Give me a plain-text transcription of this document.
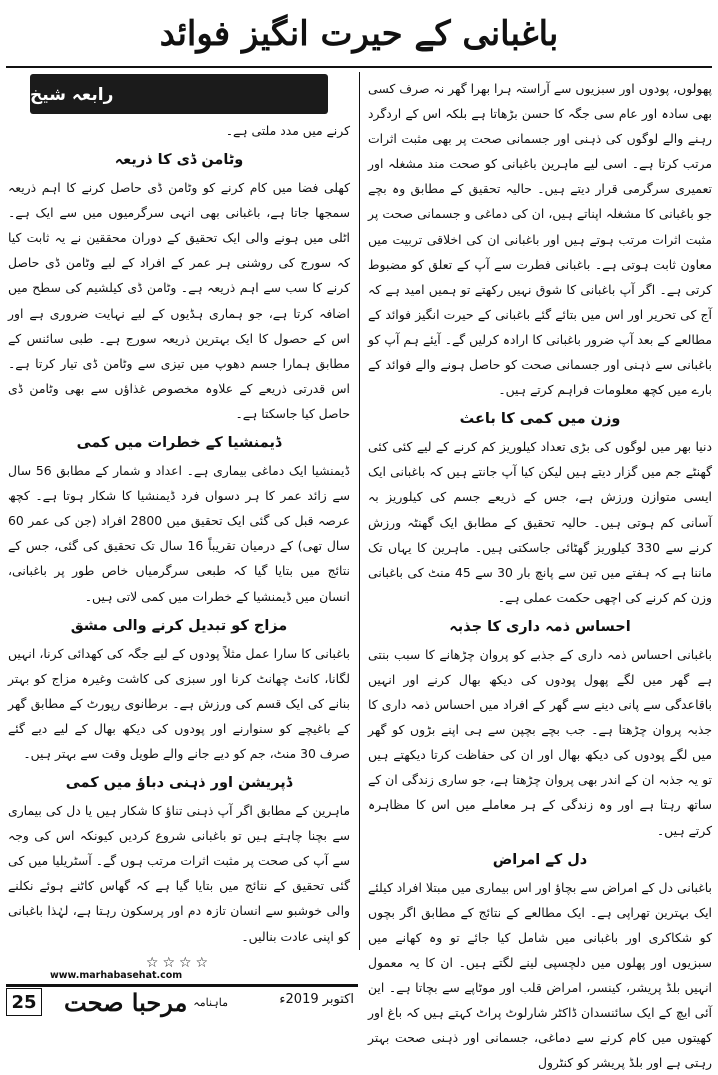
باغبانی کے حیرت انگیز فوائد

پھولوں، پودوں اور سبزیوں سے آراستہ ہرا بھرا گھر نہ صرف کسی بھی سادہ اور عام سی جگہ کا حسن بڑھاتا ہے بلکہ اس کے اردگرد رہنے والے لوگوں کی ذہنی اور جسمانی صحت پر بھی مثبت اثرات مرتب کرتا ہے۔ اسی لیے ماہرین باغبانی کو صحت مند مشغلہ اور تعمیری سرگرمی قرار دیتے ہیں۔ حالیہ تحقیق کے مطابق وہ بچے جو باغبانی کا مشغلہ اپناتے ہیں، ان کی دماغی و جسمانی صحت پر مثبت اثرات مرتب ہوتے ہیں اور باغبانی ان کی اخلاقی تربیت میں معاون ثابت ہوتی ہے۔ باغبانی فطرت سے آپ کے تعلق کو مضبوط کرتی ہے۔ اگر آپ باغبانی کا شوق نہیں رکھتے تو ہمیں امید ہے کہ آج کی تحریر اور اس میں بتائے گئے باغبانی کے حیرت انگیز فوائد کے مطالعے کے بعد آپ ضرور باغبانی کا ارادہ کرلیں گے۔ آیئے ہم آپ کو باغبانی سے ذہنی اور جسمانی صحت کو حاصل ہونے والے فوائد کے بارے میں کچھ معلومات فراہم کرتے ہیں۔

وزن میں کمی کا باعث

دنیا بھر میں لوگوں کی بڑی تعداد کیلوریز کم کرنے کے لیے کئی کئی گھنٹے جم میں گزار دیتے ہیں لیکن کیا آپ جانتے ہیں کہ باغبانی ایک ایسی متوازن ورزش ہے، جس کے ذریعے جسم کی کیلوریز بہ آسانی کم ہوتی ہیں۔ حالیہ تحقیق کے مطابق ایک گھنٹہ ورزش کرنے سے 330 کیلوریز گھٹائی جاسکتی ہیں۔ ماہرین کا یہاں تک ماننا ہے کہ ہفتے میں تین سے پانچ بار 30 سے 45 منٹ کی باغبانی وزن کم کرنے کی اچھی حکمت عملی ہے۔

احساس ذمہ داری کا جذبہ

باغبانی احساس ذمہ داری کے جذبے کو پروان چڑھانے کا سبب بنتی ہے گھر میں لگے پھول پودوں کی دیکھ بھال کرنے اور انہیں باقاعدگی سے پانی دینے سے گھر کے افراد میں احساس ذمہ داری کا جذبہ پروان چڑھتا ہے۔ جب بچے بچپن سے ہی اپنے بڑوں کو گھر میں لگے پودوں کی دیکھ بھال اور ان کی حفاظت کرتا دیکھتے ہیں تو یہ جذبہ ان کے اندر بھی پروان چڑھتا ہے، جو ساری زندگی ان کے ساتھ رہتا ہے اور وہ زندگی کے ہر معاملے میں اس کا مظاہرہ کرتے ہیں۔

دل کے امراض

باغبانی دل کے امراض سے بچاؤ اور اس بیماری میں مبتلا افراد کیلئے ایک بہترین تھراپی ہے۔ ایک مطالعے کے نتائج کے مطابق اگر بچوں کو شکاکری اور باغبانی میں شامل کیا جائے تو وہ کھانے میں سبزیوں اور پھلوں میں دلچسپی لینے لگتے ہیں۔ ان کا یہ معمول انہیں بلڈ پریشر، کینسر، امراض قلب اور موٹاپے سے بچاتا ہے۔ این آئی ایچ کے ایک سائنسدان ڈاکٹر شارلوٹ پراٹ کہتے ہیں کہ باغ اور کھیتوں میں کام کرنے سے دماغی، جسمانی اور ذہنی صحت بہتر رہتی ہے اور بلڈ پریشر کو کنٹرول

رابعہ شیخ

کرنے میں مدد ملتی ہے۔

وٹامن ڈی کا ذریعہ

کھلی فضا میں کام کرنے کو وٹامن ڈی حاصل کرنے کا اہم ذریعہ سمجھا جاتا ہے، باغبانی بھی انہی سرگرمیوں میں سے ایک ہے۔ اٹلی میں ہونے والی ایک تحقیق کے دوران محققین نے یہ ثابت کیا کہ سورج کی روشنی ہر عمر کے افراد کے لیے وٹامن ڈی حاصل کرنے کا سب سے اہم ذریعہ ہے۔ وٹامن ڈی کیلشیم کی سطح میں اضافہ کرتا ہے، جو ہماری ہڈیوں کے لیے نہایت ضروری ہے اور اس کے حصول کا ایک بہترین ذریعہ سورج ہے۔ طبی سائنس کے مطابق ہمارا جسم دھوپ میں تیزی سے وٹامن ڈی تیار کرتا ہے۔ اس قدرتی ذریعے کے علاوہ مخصوص غذاؤں سے بھی وٹامن ڈی حاصل کیا جاسکتا ہے۔

ڈیمنشیا کے خطرات میں کمی

ڈیمنشیا ایک دماغی بیماری ہے۔ اعداد و شمار کے مطابق 56 سال سے زائد عمر کا ہر دسواں فرد ڈیمنشیا کا شکار ہوتا ہے۔ کچھ عرصہ قبل کی گئی ایک تحقیق میں 2800 افراد (جن کی عمر 60 سال تھی) کے درمیان تقریباً 16 سال تک تحقیق کی گئی، جس کے نتائج میں بتایا گیا کہ طبعی سرگرمیاں خاص طور پر باغبانی، انسان میں ڈیمنشیا کے خطرات میں کمی لاتی ہیں۔

مزاج کو تبدیل کرنے والی مشق

باغبانی کا سارا عمل مثلاً پودوں کے لیے جگہ کی کھدائی کرنا، انہیں لگانا، کانٹ چھانٹ کرنا اور سبزی کی کاشت وغیرہ مزاج کو بہتر بنانے کی ایک قسم کی ورزش ہے۔ برطانوی رپورٹ کے مطابق گھر کے باغیچے کو سنوارنے اور پودوں کی دیکھ بھال کے لیے دیے گئے صرف 30 منٹ، جم کو دیے جانے والے طویل وقت سے بہتر ہیں۔

ڈپریشن اور ذہنی دباؤ میں کمی

ماہرین کے مطابق اگر آپ ذہنی تناؤ کا شکار ہیں یا دل کی بیماری سے بچنا چاہتے ہیں تو باغبانی شروع کردیں کیونکہ اس کی وجہ سے آپ کی صحت پر مثبت اثرات مرتب ہوں گے۔ آسٹریلیا میں کی گئی تحقیق کے نتائج میں بتایا گیا ہے کہ گھاس کاٹنے ہوئے نکلنے والی خوشبو سے انسان تازہ دم اور پرسکون رہتا ہے، لہٰذا باغبانی کو اپنی عادت بنالیں۔

☆☆☆☆
www.marhabasehat.com
25	ماہنامہ
مرحبا صحت	اکتوبر 2019ء
